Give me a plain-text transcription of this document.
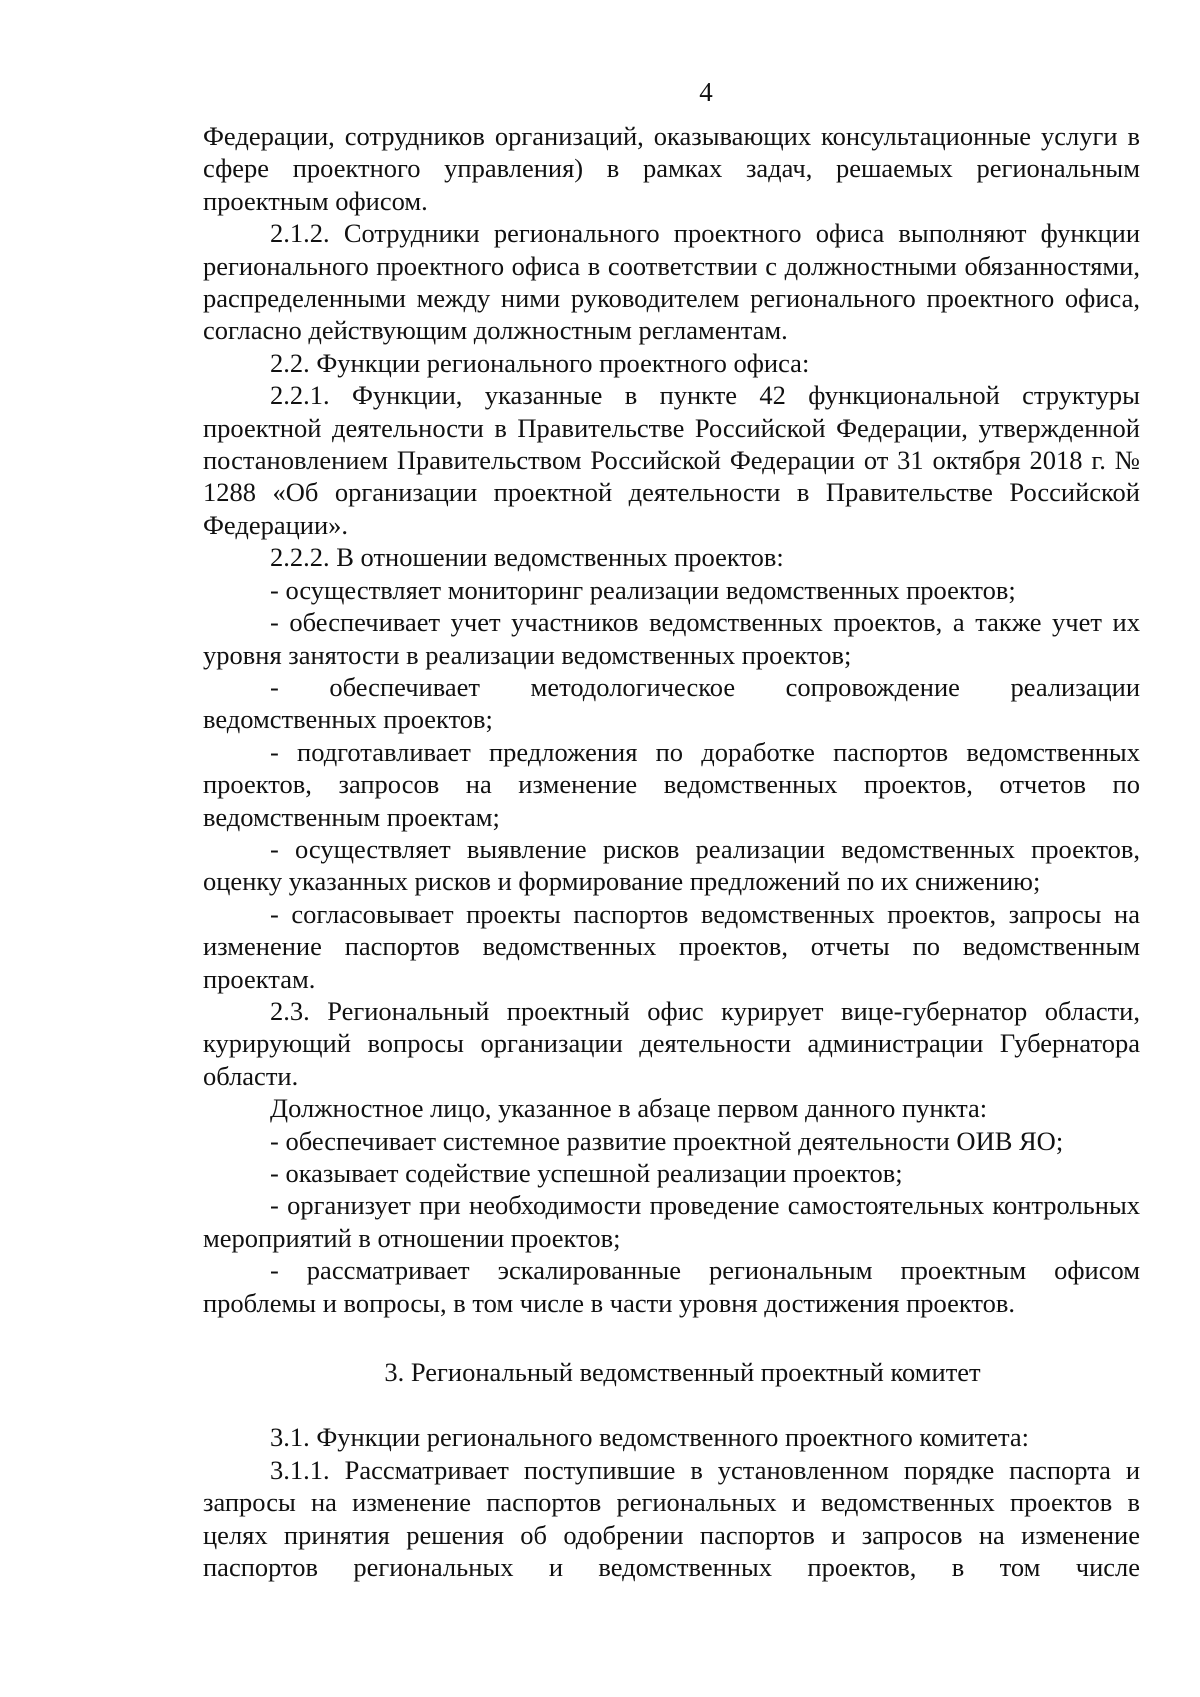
4

Федерации, сотрудников организаций, оказывающих консультационные услуги в сфере проектного управления) в рамках задач, решаемых региональным проектным офисом.

2.1.2. Сотрудники регионального проектного офиса выполняют функции регионального проектного офиса в соответствии с должностными обязанностями, распределенными между ними руководителем регионального проектного офиса, согласно действующим должностным регламентам.

2.2. Функции регионального проектного офиса:

2.2.1. Функции, указанные в пункте 42 функциональной структуры проектной деятельности в Правительстве Российской Федерации, утвержденной постановлением Правительством Российской Федерации от 31 октября 2018 г. № 1288 «Об организации проектной деятельности в Правительстве Российской Федерации».

2.2.2. В отношении ведомственных проектов:

- осуществляет мониторинг реализации ведомственных проектов;

- обеспечивает учет участников ведомственных проектов, а также учет их уровня занятости в реализации ведомственных проектов;

- обеспечивает методологическое сопровождение реализации ведомственных проектов;

- подготавливает предложения по доработке паспортов ведомственных проектов, запросов на изменение ведомственных проектов, отчетов по ведомственным проектам;

- осуществляет выявление рисков реализации ведомственных проектов, оценку указанных рисков и формирование предложений по их снижению;

- согласовывает проекты паспортов ведомственных проектов, запросы на изменение паспортов ведомственных проектов, отчеты по ведомственным проектам.

2.3. Региональный проектный офис курирует вице-губернатор области, курирующий вопросы организации деятельности администрации Губернатора области.

Должностное лицо, указанное в абзаце первом данного пункта:

- обеспечивает системное развитие проектной деятельности ОИВ ЯО;

- оказывает содействие успешной реализации проектов;

- организует при необходимости проведение самостоятельных контрольных мероприятий в отношении проектов;

- рассматривает эскалированные региональным проектным офисом проблемы и вопросы, в том числе в части уровня достижения проектов.

3. Региональный ведомственный проектный комитет

3.1. Функции регионального ведомственного проектного комитета:

3.1.1. Рассматривает поступившие в установленном порядке паспорта и запросы на изменение паспортов региональных и ведомственных проектов в целях принятия решения об одобрении паспортов и запросов на изменение паспортов региональных и ведомственных проектов, в том числе
